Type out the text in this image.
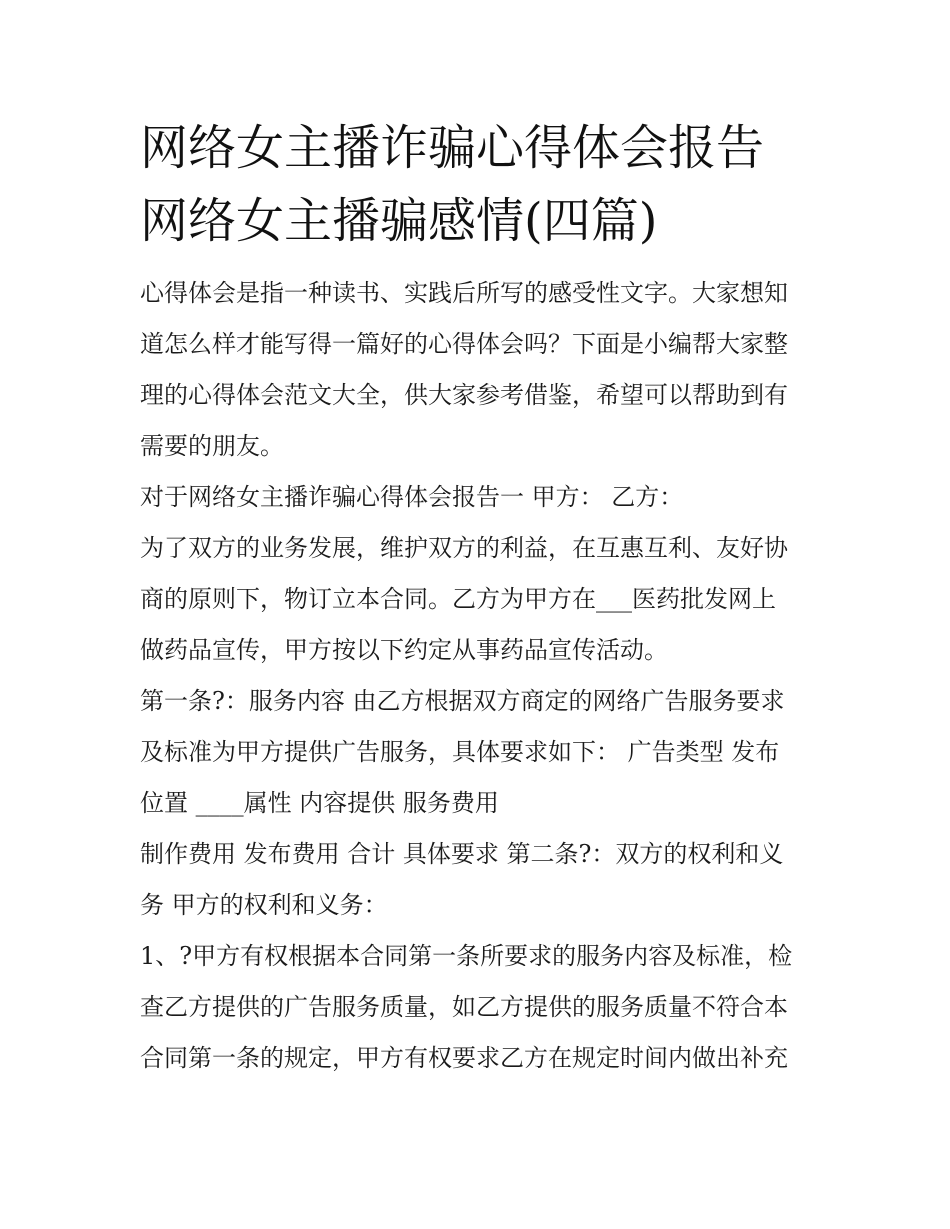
网络女主播诈骗心得体会报告
网络女主播骗感情(四篇)

心得体会是指一种读书、实践后所写的感受性文字。大家想知
道怎么样才能写得一篇好的心得体会吗？下面是小编帮大家整
理的心得体会范文大全，供大家参考借鉴，希望可以帮助到有
需要的朋友。

对于网络女主播诈骗心得体会报告一 甲方： 乙方：

为了双方的业务发展，维护双方的利益，在互惠互利、友好协
商的原则下，物订立本合同。乙方为甲方在___医药批发网上
做药品宣传，甲方按以下约定从事药品宣传活动。

第一条?：服务内容 由乙方根据双方商定的网络广告服务要求
及标准为甲方提供广告服务，具体要求如下： 广告类型 发布
位置 ____属性 内容提供 服务费用

制作费用 发布费用 合计 具体要求 第二条?：双方的权利和义
务 甲方的权利和义务：

1、?甲方有权根据本合同第一条所要求的服务内容及标准，检
查乙方提供的广告服务质量，如乙方提供的服务质量不符合本
合同第一条的规定，甲方有权要求乙方在规定时间内做出补充
